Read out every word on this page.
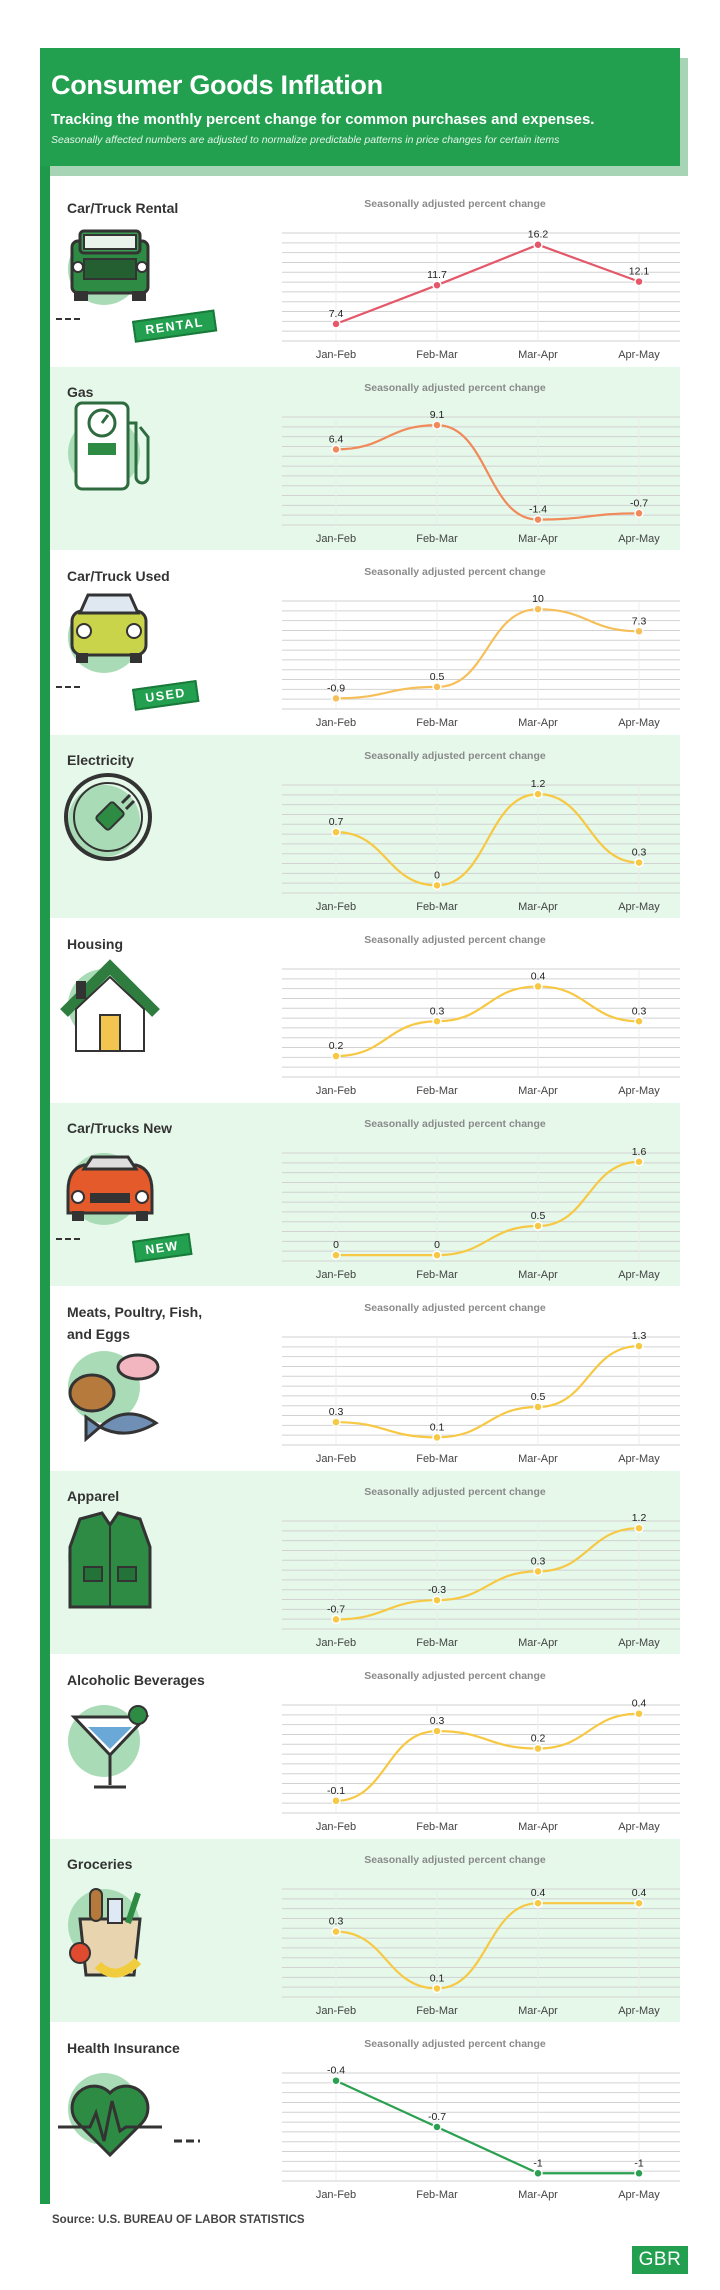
Consumer Goods Inflation
Tracking the monthly percent change for common purchases and expenses.
Seasonally affected numbers are adjusted to normalize predictable patterns in price changes for certain items
Car/Truck Rental
RENTAL
Seasonally adjusted percent change
7.4
Jan-Feb
11.7
Feb-Mar
16.2
Mar-Apr
12.1
Apr-May
Gas	Seasonally adjusted percent change
6.4
Jan-Feb
9.1
Feb-Mar
-1.4
Mar-Apr
-0.7
Apr-May
Car/Truck Used
USED
Seasonally adjusted percent change
-0.9
Jan-Feb
0.5
Feb-Mar
10
Mar-Apr
7.3
Apr-May
Electricity	Seasonally adjusted percent change
0.7
Jan-Feb
0
Feb-Mar
1.2
Mar-Apr
0.3
Apr-May
Housing	Seasonally adjusted percent change
0.2
Jan-Feb
0.3
Feb-Mar
0.4
Mar-Apr
0.3
Apr-May
Car/Trucks New
NEW
Seasonally adjusted percent change
0
Jan-Feb
0
Feb-Mar
0.5
Mar-Apr
1.6
Apr-May
Meats, Poultry, Fish, and Eggs
Seasonally adjusted percent change
0.3
Jan-Feb
0.1
Feb-Mar
0.5
Mar-Apr
1.3
Apr-May
Apparel	Seasonally adjusted percent change
-0.7
Jan-Feb
-0.3
Feb-Mar
0.3
Mar-Apr
1.2
Apr-May
Alcoholic Beverages	Seasonally adjusted percent change
-0.1
Jan-Feb
0.3
Feb-Mar
0.2
Mar-Apr
0.4
Apr-May
Groceries	Seasonally adjusted percent change
0.3
Jan-Feb
0.1
Feb-Mar
0.4
Mar-Apr
0.4
Apr-May
Health Insurance	Seasonally adjusted percent change
-0.4
Jan-Feb
-0.7
Feb-Mar
-1
Mar-Apr
-1
Apr-May
Source: U.S. BUREAU OF LABOR STATISTICS
GBR
